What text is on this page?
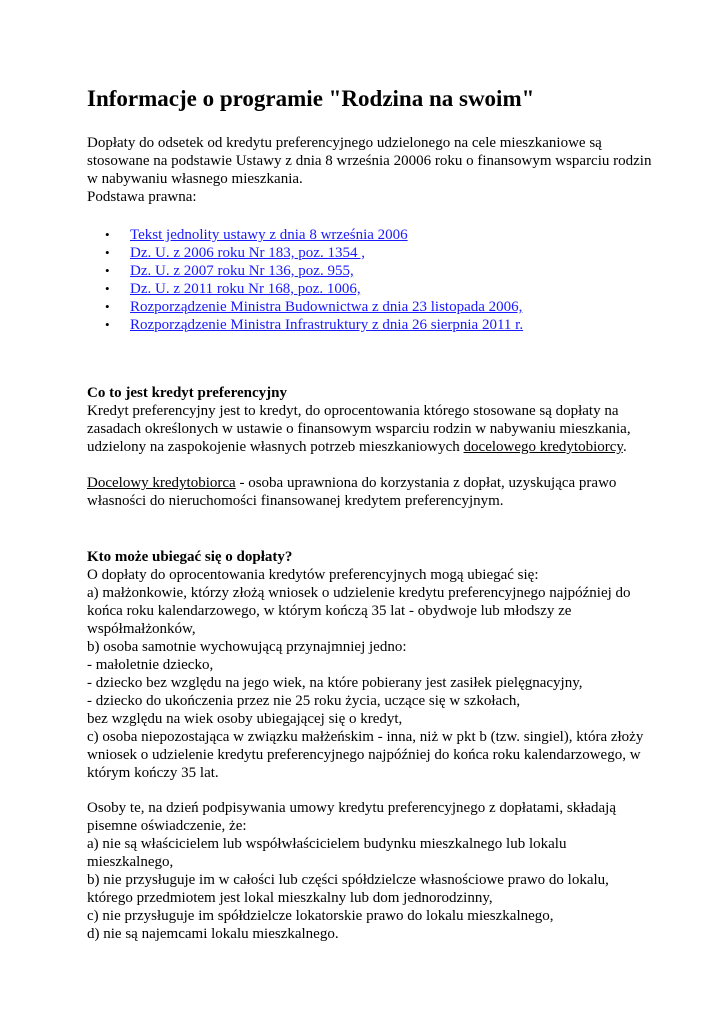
Informacje o programie "Rodzina na swoim"
Dopłaty do odsetek od kredytu preferencyjnego udzielonego na cele mieszkaniowe są
stosowane na podstawie Ustawy z dnia 8 września 20006 roku o finansowym wsparciu rodzin
w nabywaniu własnego mieszkania.
Podstawa prawna:
• Tekst jednolity ustawy z dnia 8 września 2006
• Dz. U. z 2006 roku Nr 183, poz. 1354 ,
• Dz. U. z 2007 roku Nr 136, poz. 955,
• Dz. U. z 2011 roku Nr 168, poz. 1006,
• Rozporządzenie Ministra Budownictwa z dnia 23 listopada 2006,
• Rozporządzenie Ministra Infrastruktury z dnia 26 sierpnia 2011 r.
Co to jest kredyt preferencyjny
Kredyt preferencyjny jest to kredyt, do oprocentowania którego stosowane są dopłaty na
zasadach określonych w ustawie o finansowym wsparciu rodzin w nabywaniu mieszkania,
udzielony na zaspokojenie własnych potrzeb mieszkaniowych docelowego kredytobiorcy.
Docelowy kredytobiorca - osoba uprawniona do korzystania z dopłat, uzyskująca prawo
własności do nieruchomości finansowanej kredytem preferencyjnym.
Kto może ubiegać się o dopłaty?
O dopłaty do oprocentowania kredytów preferencyjnych mogą ubiegać się:
a) małżonkowie, którzy złożą wniosek o udzielenie kredytu preferencyjnego najpóźniej do
końca roku kalendarzowego, w którym kończą 35 lat - obydwoje lub młodszy ze
współmałżonków,
b) osoba samotnie wychowującą przynajmniej jedno:
- małoletnie dziecko,
- dziecko bez względu na jego wiek, na które pobierany jest zasiłek pielęgnacyjny,
- dziecko do ukończenia przez nie 25 roku życia, uczące się w szkołach,
bez względu na wiek osoby ubiegającej się o kredyt,
c) osoba niepozostająca w związku małżeńskim - inna, niż w pkt b (tzw. singiel), która złoży
wniosek o udzielenie kredytu preferencyjnego najpóźniej do końca roku kalendarzowego, w
którym kończy 35 lat.
Osoby te, na dzień podpisywania umowy kredytu preferencyjnego z dopłatami, składają
pisemne oświadczenie, że:
a) nie są właścicielem lub współwłaścicielem budynku mieszkalnego lub lokalu
mieszkalnego,
b) nie przysługuje im w całości lub części spółdzielcze własnościowe prawo do lokalu,
którego przedmiotem jest lokal mieszkalny lub dom jednorodzinny,
c) nie przysługuje im spółdzielcze lokatorskie prawo do lokalu mieszkalnego,
d) nie są najemcami lokalu mieszkalnego.
